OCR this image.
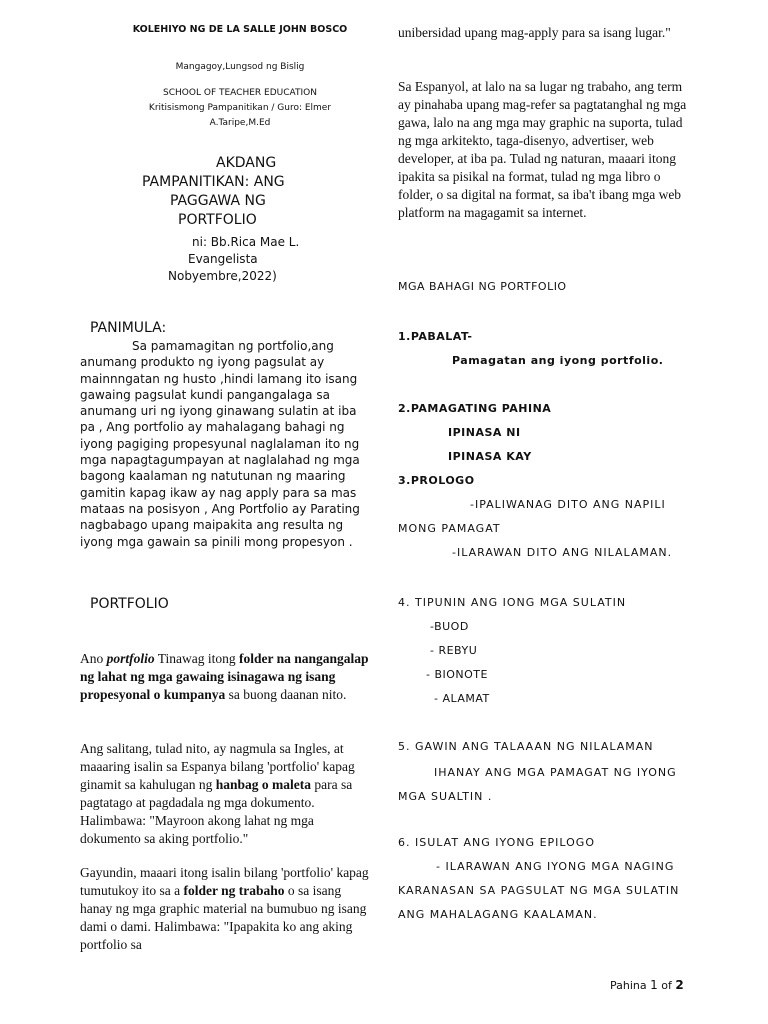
KOLEHIYO NG DE LA SALLE JOHN BOSCO
Mangagoy,Lungsod ng Bislig
SCHOOL OF TEACHER EDUCATION
Kritisismong Pampanitikan / Guro: Elmer A.Taripe,M.Ed
AKDANG
PAMPANITIKAN: ANG
PAGGAWA NG
PORTFOLIO
ni: Bb.Rica Mae L.
Evangelista
Nobyembre,2022)
PANIMULA:
Sa pamamagitan ng portfolio,ang anumang produkto ng iyong pagsulat ay mainnngatan ng husto ,hindi lamang ito isang gawaing pagsulat kundi pangangalaga sa anumang uri ng iyong ginawang sulatin at iba pa , Ang portfolio ay mahalagang bahagi ng iyong pagiging propesyunal naglalaman ito ng mga napagtagumpayan at naglalahad ng mga bagong kaalaman ng natutunan ng maaring gamitin kapag ikaw ay nag apply para sa mas mataas na posisyon , Ang Portfolio ay Parating nagbabago upang maipakita ang resulta ng iyong mga gawain sa pinili mong propesyon .
PORTFOLIO

Ano portfolio Tinawag itong folder na nangangalap ng lahat ng mga gawaing isinagawa ng isang propesyonal o kumpanya sa buong daanan nito.

Ang salitang, tulad nito, ay nagmula sa Ingles, at maaaring isalin sa Espanya bilang 'portfolio' kapag ginamit sa kahulugan ng hanbag o maleta para sa pagtatago at pagdadala ng mga dokumento. Halimbawa: "Mayroon akong lahat ng mga dokumento sa aking portfolio."

Gayundin, maaari itong isalin bilang 'portfolio' kapag tumutukoy ito sa a folder ng trabaho o sa isang hanay ng mga graphic material na bumubuo ng isang dami o dami. Halimbawa: "Ipapakita ko ang aking portfolio sa

unibersidad upang mag-apply para sa isang lugar."
Sa Espanyol, at lalo na sa lugar ng trabaho, ang term ay pinahaba upang mag-refer sa pagtatanghal ng mga gawa, lalo na ang mga may graphic na suporta, tulad ng mga arkitekto, taga-disenyo, advertiser, web developer, at iba pa. Tulad ng naturan, maaari itong ipakita sa pisikal na format, tulad ng mga libro o folder, o sa digital na format, sa iba't ibang mga web platform na magagamit sa internet.
MGA BAHAGI NG PORTFOLIO
1.PABALAT-
Pamagatan ang iyong portfolio.
2.PAMAGATING PAHINA
IPINASA NI
IPINASA KAY
3.PROLOGO
-IPALIWANAG DITO ANG NAPILI
MONG PAMAGAT
-ILARAWAN DITO ANG NILALAMAN.
4. TIPUNIN ANG IONG MGA SULATIN
-BUOD
- REBYU
- BIONOTE
- ALAMAT
5. GAWIN ANG TALAAAN NG NILALAMAN
IHANAY ANG MGA PAMAGAT NG IYONG
MGA SUALTIN .
6. ISULAT ANG IYONG EPILOGO
- ILARAWAN ANG IYONG MGA NAGING
KARANASAN SA PAGSULAT NG MGA SULATIN
ANG MAHALAGANG KAALAMAN.
Pahina 1 of 2
